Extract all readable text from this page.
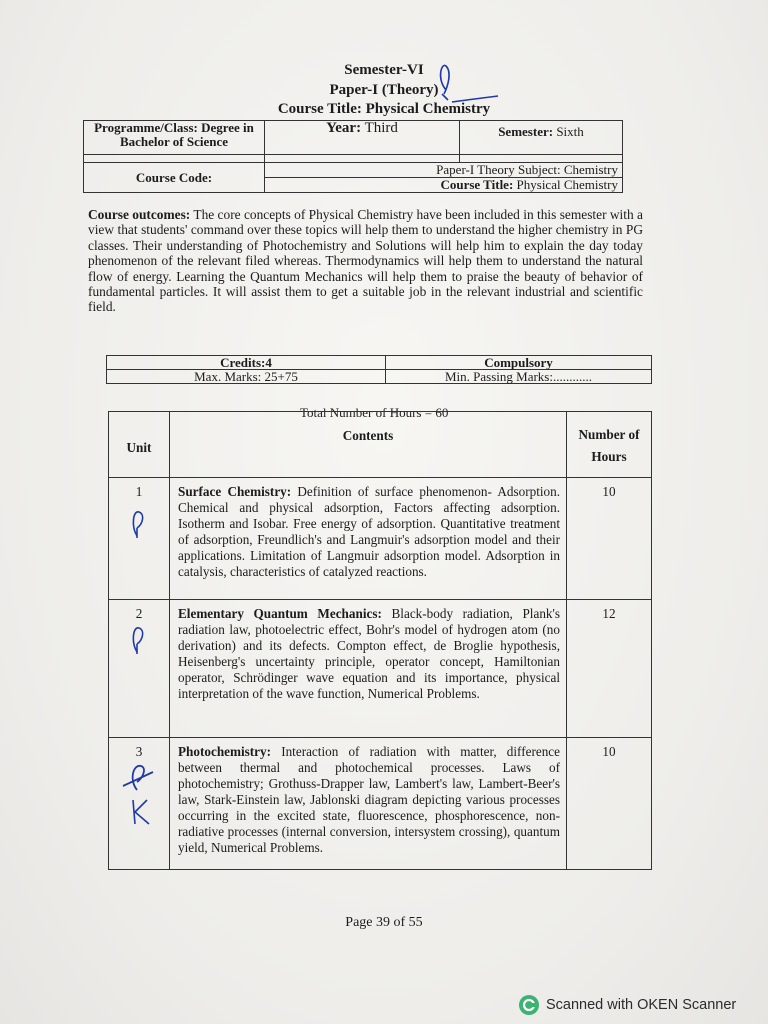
Semester-VI
Paper-I (Theory)
Course Title: Physical Chemistry
Programme/Class: Degree in Bachelor of Science	Year: Third	Semester: Sixth

Course Code:	Paper-I Theory Subject: Chemistry	
	Course Title: Physical Chemistry	
Course outcomes: The core concepts of Physical Chemistry have been included in this semester with a view that students' command over these topics will help them to understand the higher chemistry in PG classes. Their understanding of Photochemistry and Solutions will help him to explain the day today phenomenon of the relevant filed whereas. Thermodynamics will help them to understand the natural flow of energy. Learning the Quantum Mechanics will help them to praise the beauty of behavior of fundamental particles. It will assist them to get a suitable job in the relevant industrial and scientific field.
Credits:4	Compulsory
Max. Marks: 25+75	Min. Passing Marks:............
Total Number of Hours = 60
Unit	Contents	Number of Hours

1	Surface Chemistry: Definition of surface phenomenon- Adsorption. Chemical and physical adsorption, Factors affecting adsorption. Isotherm and Isobar. Free energy of adsorption. Quantitative treatment of adsorption, Freundlich's and Langmuir's adsorption model and their applications. Limitation of Langmuir adsorption model. Adsorption in catalysis, characteristics of catalyzed reactions.	10

2	Elementary Quantum Mechanics: Black-body radiation, Plank's radiation law, photoelectric effect, Bohr's model of hydrogen atom (no derivation) and its defects. Compton effect, de Broglie hypothesis, Heisenberg's uncertainty principle, operator concept, Hamiltonian operator, Schrödinger wave equation and its importance, physical interpretation of the wave function, Numerical Problems.	12

3	Photochemistry: Interaction of radiation with matter, difference between thermal and photochemical processes. Laws of photochemistry; Grothuss-Drapper law, Lambert's law, Lambert-Beer's law, Stark-Einstein law, Jablonski diagram depicting various processes occurring in the excited state, fluorescence, phosphorescence, non-radiative processes (internal conversion, intersystem crossing), quantum yield, Numerical Problems.	10
Page 39 of 55
Scanned with OKEN Scanner
